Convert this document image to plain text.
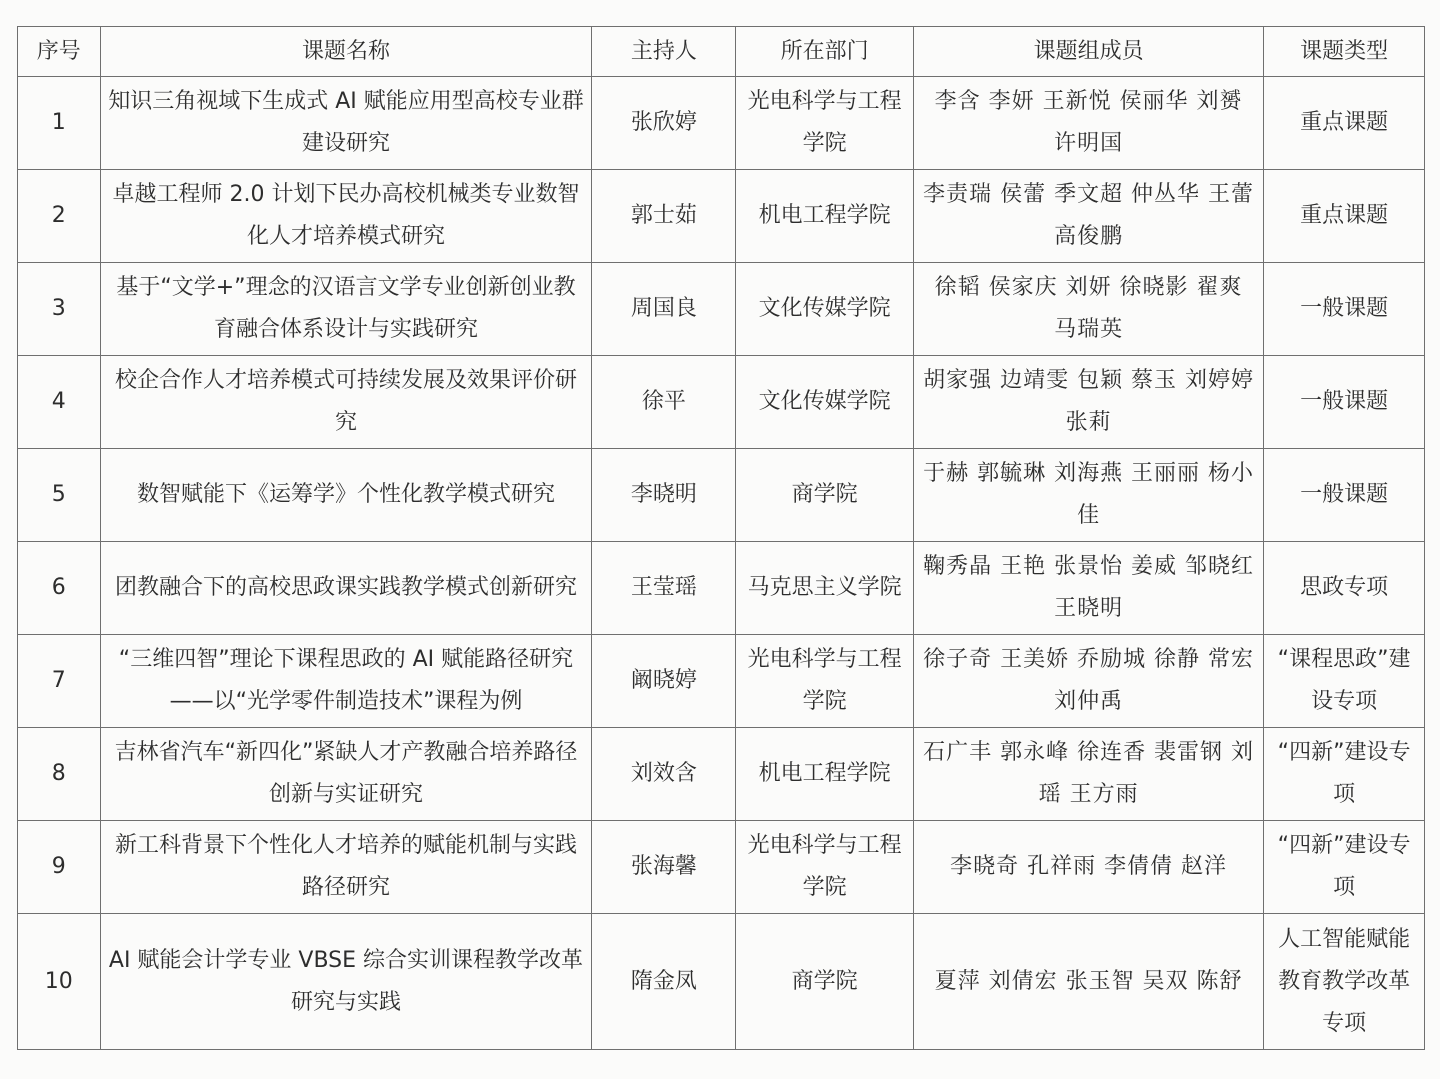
序号	课题名称	主持人	所在部门	课题组成员	课题类型
1	知识三角视域下生成式 AI 赋能应用型高校专业群建设研究	张欣婷	光电科学与工程学院	李含 李妍 王新悦 侯丽华 刘赟 许明国	重点课题
2	卓越工程师 2.0 计划下民办高校机械类专业数智化人才培养模式研究	郭士茹	机电工程学院	李责瑞 侯蕾 季文超 仲丛华 王蕾 高俊鹏	重点课题
3	基于“文学+”理念的汉语言文学专业创新创业教育融合体系设计与实践研究	周国良	文化传媒学院	徐韬 侯家庆 刘妍 徐晓影 翟爽 马瑞英	一般课题
4	校企合作人才培养模式可持续发展及效果评价研究	徐平	文化传媒学院	胡家强 边靖雯 包颖 蔡玉 刘婷婷 张莉	一般课题
5	数智赋能下《运筹学》个性化教学模式研究	李晓明	商学院	于赫 郭毓琳 刘海燕 王丽丽 杨小佳	一般课题
6	团教融合下的高校思政课实践教学模式创新研究	王莹瑶	马克思主义学院	鞠秀晶 王艳 张景怡 姜威 邹晓红 王晓明	思政专项
7	“三维四智”理论下课程思政的 AI 赋能路径研究——以“光学零件制造技术”课程为例	阚晓婷	光电科学与工程学院	徐子奇 王美娇 乔励城 徐静 常宏 刘仲禹	“课程思政”建设专项
8	吉林省汽车“新四化”紧缺人才产教融合培养路径创新与实证研究	刘效含	机电工程学院	石广丰 郭永峰 徐连香 裴雷钢 刘瑶 王方雨	“四新”建设专项
9	新工科背景下个性化人才培养的赋能机制与实践路径研究	张海馨	光电科学与工程学院	李晓奇 孔祥雨 李倩倩 赵洋	“四新”建设专项
10	AI 赋能会计学专业 VBSE 综合实训课程教学改革研究与实践	隋金凤	商学院	夏萍 刘倩宏 张玉智 吴双 陈舒	人工智能赋能教育教学改革专项
